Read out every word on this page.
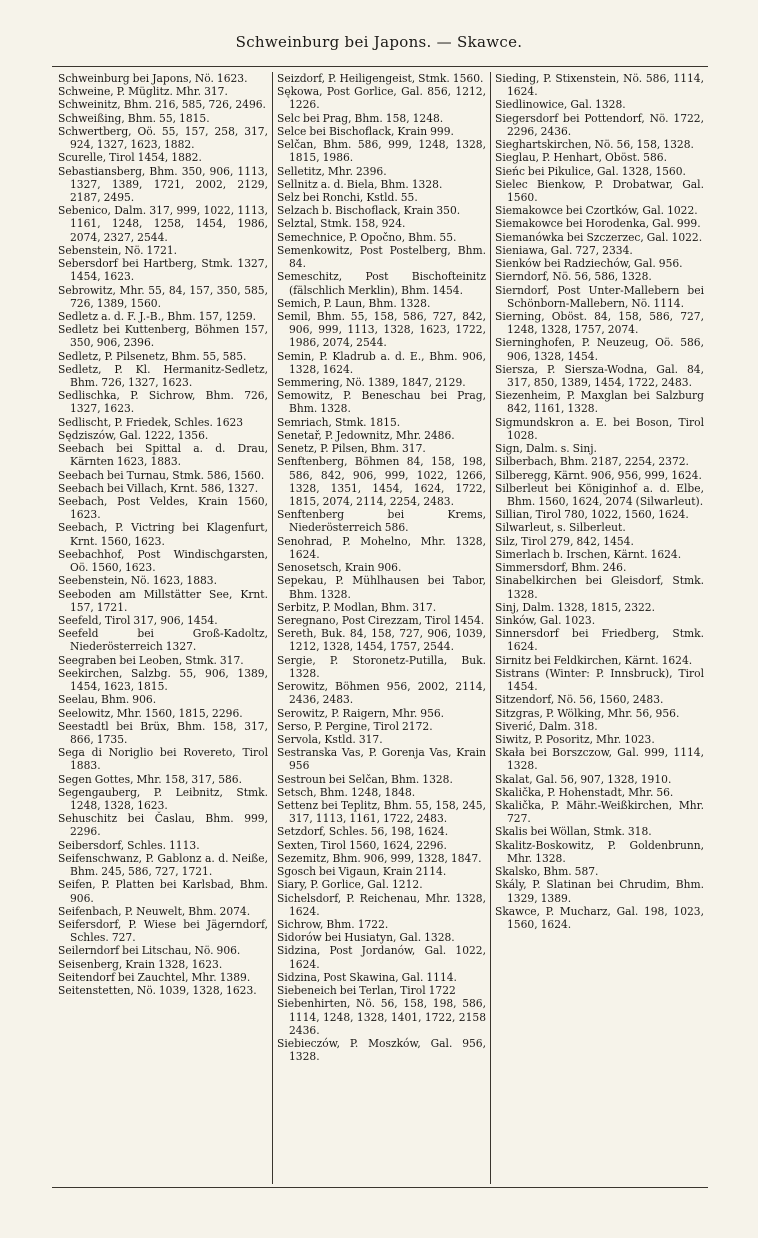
Schweinburg bei Japons. — Skawce.
Schweinburg bei Japons, Nö. 1623.
Schweine, P. Müglitz. Mhr. 317.
Schweinitz, Bhm. 216, 585, 726, 2496.
Schweißing, Bhm. 55, 1815.
Schwertberg, Oö. 55, 157, 258, 317, 924, 1327, 1623, 1882.
Scurelle, Tirol 1454, 1882.
Sebastiansberg, Bhm. 350, 906, 1113, 1327, 1389, 1721, 2002, 2129, 2187, 2495.
Sebenico, Dalm. 317, 999, 1022, 1113, 1161, 1248, 1258, 1454, 1986, 2074, 2327, 2544.
Sebenstein, Nö. 1721.
Sebersdorf bei Hartberg, Stmk. 1327, 1454, 1623.
Sebrowitz, Mhr. 55, 84, 157, 350, 585, 726, 1389, 1560.
Sedletz a. d. F. J.-B., Bhm. 157, 1259.
Sedletz bei Kuttenberg, Böhmen 157, 350, 906, 2396.
Sedletz, P. Pilsenetz, Bhm. 55, 585.
Sedletz, P. Kl. Hermanitz-Sedletz, Bhm. 726, 1327, 1623.
Sedlischka, P. Sichrow, Bhm. 726, 1327, 1623.
Sedlischt, P. Friedek, Schles. 1623
Sędziszów, Gal. 1222, 1356.
Seebach bei Spittal a. d. Drau, Kärnten 1623, 1883.
Seebach bei Turnau, Stmk. 586, 1560.
Seebach bei Villach, Krnt. 586, 1327.
Seebach, Post Veldes, Krain 1560, 1623.
Seebach, P. Victring bei Klagenfurt, Krnt. 1560, 1623.
Seebachhof, Post Windischgarsten, Oö. 1560, 1623.
Seebenstein, Nö. 1623, 1883.
Seeboden am Millstätter See, Krnt. 157, 1721.
Seefeld, Tirol 317, 906, 1454.
Seefeld bei Groß-Kadoltz, Niederösterreich 1327.
Seegraben bei Leoben, Stmk. 317.
Seekirchen, Salzbg. 55, 906, 1389, 1454, 1623, 1815.
Seelau, Bhm. 906.
Seelowitz, Mhr. 1560, 1815, 2296.
Seestadtl bei Brüx, Bhm. 158, 317, 866, 1735.
Sega di Noriglio bei Rovereto, Tirol 1883.
Segen Gottes, Mhr. 158, 317, 586.
Segengauberg, P. Leibnitz, Stmk. 1248, 1328, 1623.
Sehuschitz bei Časlau, Bhm. 999, 2296.
Seibersdorf, Schles. 1113.
Seifenschwanz, P. Gablonz a. d. Neiße, Bhm. 245, 586, 727, 1721.
Seifen, P. Platten bei Karlsbad, Bhm. 906.
Seifenbach, P. Neuwelt, Bhm. 2074.
Seifersdorf, P. Wiese bei Jägerndorf, Schles. 727.
Seilerndorf bei Litschau, Nö. 906.
Seisenberg, Krain 1328, 1623.
Seitendorf bei Zauchtel, Mhr. 1389.
Seitenstetten, Nö. 1039, 1328, 1623.
Seizdorf, P. Heiligengeist, Stmk. 1560.
Sękowa, Post Gorlice, Gal. 856, 1212, 1226.
Selc bei Prag, Bhm. 158, 1248.
Selce bei Bischoflack, Krain 999.
Selčan, Bhm. 586, 999, 1248, 1328, 1815, 1986.
Selletitz, Mhr. 2396.
Sellnitz a. d. Biela, Bhm. 1328.
Selz bei Ronchi, Kstld. 55.
Selzach b. Bischoflack, Krain 350.
Selztal, Stmk. 158, 924.
Semechnice, P. Opočno, Bhm. 55.
Semenkowitz, Post Postelberg, Bhm. 84.
Semeschitz, Post Bischofteinitz (fälschlich Merklin), Bhm. 1454.
Semich, P. Laun, Bhm. 1328.
Semil, Bhm. 55, 158, 586, 727, 842, 906, 999, 1113, 1328, 1623, 1722, 1986, 2074, 2544.
Semin, P. Kladrub a. d. E., Bhm. 906, 1328, 1624.
Semmering, Nö. 1389, 1847, 2129.
Semowitz, P. Beneschau bei Prag, Bhm. 1328.
Semriach, Stmk. 1815.
Senetař, P. Jedownitz, Mhr. 2486.
Senetz, P. Pilsen, Bhm. 317.
Senftenberg, Böhmen 84, 158, 198, 586, 842, 906, 999, 1022, 1266, 1328, 1351, 1454, 1624, 1722, 1815, 2074, 2114, 2254, 2483.
Senftenberg bei Krems, Niederösterreich 586.
Senohrad, P. Mohelno, Mhr. 1328, 1624.
Senosetsch, Krain 906.
Sepekau, P. Mühlhausen bei Tabor, Bhm. 1328.
Serbitz, P. Modlan, Bhm. 317.
Seregnano, Post Cirezzam, Tirol 1454.
Sereth, Buk. 84, 158, 727, 906, 1039, 1212, 1328, 1454, 1757, 2544.
Sergie, P. Storonetz-Putilla, Buk. 1328.
Serowitz, Böhmen 956, 2002, 2114, 2436, 2483.
Serowitz, P. Raigern, Mhr. 956.
Serso, P. Pergine, Tirol 2172.
Servola, Kstld. 317.
Sestranska Vas, P. Gorenja Vas, Krain 956
Sestroun bei Selčan, Bhm. 1328.
Setsch, Bhm. 1248, 1848.
Settenz bei Teplitz, Bhm. 55, 158, 245, 317, 1113, 1161, 1722, 2483.
Setzdorf, Schles. 56, 198, 1624.
Sexten, Tirol 1560, 1624, 2296.
Sezemitz, Bhm. 906, 999, 1328, 1847.
Sgosch bei Vigaun, Krain 2114.
Siary, P. Gorlice, Gal. 1212.
Sichelsdorf, P. Reichenau, Mhr. 1328, 1624.
Sichrow, Bhm. 1722.
Sidorów bei Husiatyn, Gal. 1328.
Sidzina, Post Jordanów, Gal. 1022, 1624.
Sidzina, Post Skawina, Gal. 1114.
Siebeneich bei Terlan, Tirol 1722
Siebenhirten, Nö. 56, 158, 198, 586, 1114, 1248, 1328, 1401, 1722, 2158 2436.
Siebieczów, P. Moszków, Gal. 956, 1328.
Sieding, P. Stixenstein, Nö. 586, 1114, 1624.
Siedlinowice, Gal. 1328.
Siegersdorf bei Pottendorf, Nö. 1722, 2296, 2436.
Sieghartskirchen, Nö. 56, 158, 1328.
Sieglau, P. Henhart, Oböst. 586.
Sieńc bei Pikulice, Gal. 1328, 1560.
Sielec Bienkow, P. Drobatwar, Gal. 1560.
Siemakowce bei Czortków, Gal. 1022.
Siemakowce bei Horodenka, Gal. 999.
Siemanówka bei Szczerzec, Gal. 1022.
Sieniawa, Gal. 727, 2334.
Sienków bei Radziechów, Gal. 956.
Sierndorf, Nö. 56, 586, 1328.
Sierndorf, Post Unter-Mallebern bei Schönborn-Mallebern, Nö. 1114.
Sierning, Oböst. 84, 158, 586, 727, 1248, 1328, 1757, 2074.
Sierninghofen, P. Neuzeug, Oö. 586, 906, 1328, 1454.
Siersza, P. Siersza-Wodna, Gal. 84, 317, 850, 1389, 1454, 1722, 2483.
Siezenheim, P. Maxglan bei Salzburg 842, 1161, 1328.
Sigmundskron a. E. bei Boson, Tirol 1028.
Sign, Dalm. s. Sinj.
Silberbach, Bhm. 2187, 2254, 2372.
Silberegg, Kärnt. 906, 956, 999, 1624.
Silberleut bei Königinhof a. d. Elbe, Bhm. 1560, 1624, 2074 (Silwarleut).
Sillian, Tirol 780, 1022, 1560, 1624.
Silwarleut, s. Silberleut.
Silz, Tirol 279, 842, 1454.
Simerlach b. Irschen, Kärnt. 1624.
Simmersdorf, Bhm. 246.
Sinabelkirchen bei Gleisdorf, Stmk. 1328.
Sinj, Dalm. 1328, 1815, 2322.
Sinków, Gal. 1023.
Sinnersdorf bei Friedberg, Stmk. 1624.
Sirnitz bei Feldkirchen, Kärnt. 1624.
Sistrans (Winter: P. Innsbruck), Tirol 1454.
Sitzendorf, Nö. 56, 1560, 2483.
Sitzgras, P. Wölking, Mhr. 56, 956.
Siverić, Dalm. 318.
Siwitz, P. Posoritz, Mhr. 1023.
Skała bei Borszczow, Gal. 999, 1114, 1328.
Skalat, Gal. 56, 907, 1328, 1910.
Skalička, P. Hohenstadt, Mhr. 56.
Skalička, P. Mähr.-Weißkirchen, Mhr. 727.
Skalis bei Wöllan, Stmk. 318.
Skalitz-Boskowitz, P. Goldenbrunn, Mhr. 1328.
Skalsko, Bhm. 587.
Skály, P. Slatinan bei Chrudim, Bhm. 1329, 1389.
Skawce, P. Mucharz, Gal. 198, 1023, 1560, 1624.
